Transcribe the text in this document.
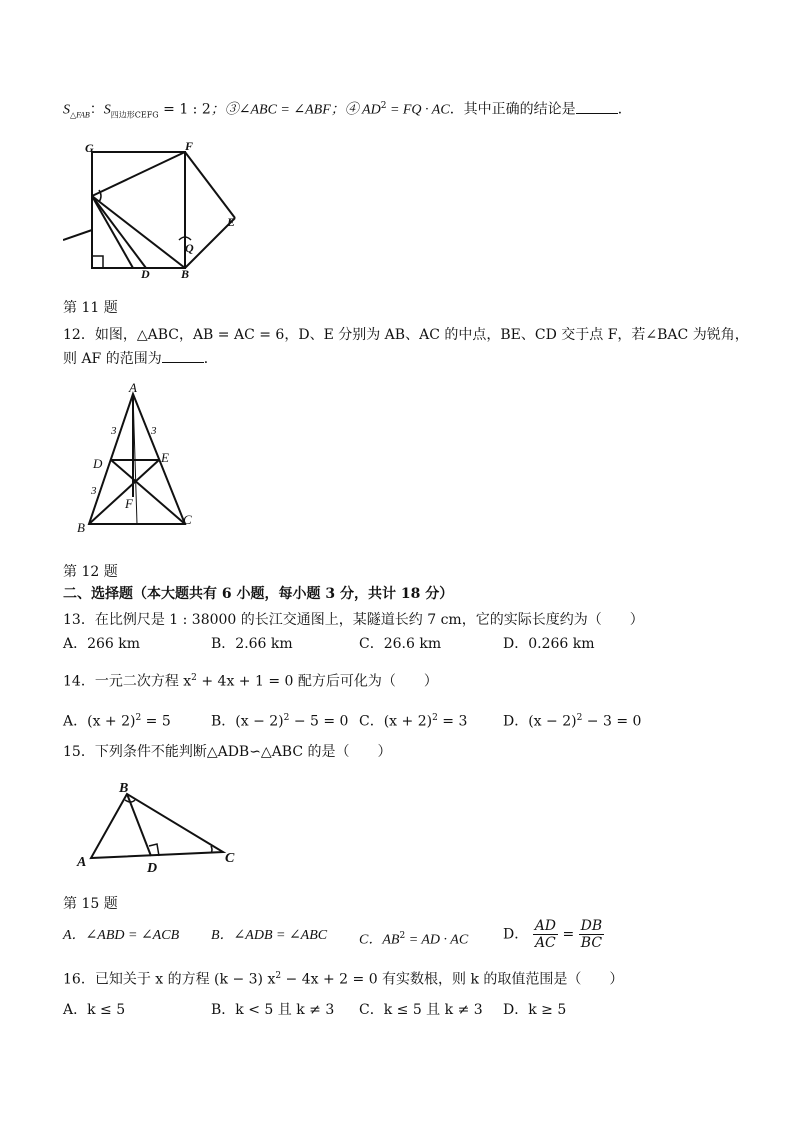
$S_{\triangle FAB}$：$S_{四边形CEFG} = 1$ : 2；③∠ABC = ∠ABF；④ $AD^2$ = FQ · AC．其中正确的结论是	．
G	F
E
Q
B
D
第 11 题
12．如图，△ABC，AB = AC = 6，D、E 分别为 AB、AC 的中点，BE、CD 交于点 F，若∠BAC 为锐角，
则 AF 的范围为	．
A
B
C
D	E
F
3	3
3
第 12 题
二、选择题（本大题共有 6 小题，每小题 3 分，共计 18 分）
13．在比例尺是 1 : 38000 的长江交通图上，某隧道长约 7 cm，它的实际长度约为（　　）
A．266 km	B．2.66 km	C．26.6 km	D．0.266 km
14．一元二次方程 $x^2 + 4x + 1 = 0$ 配方后可化为（　　）
A．$(x + 2)^2 = 5$	B．$(x - 2)^2 - 5 = 0$ C．$(x + 2)^2 = 3$	D．$(x - 2)^2 - 3 = 0$
15．下列条件不能判断△ADB∽△ABC 的是（　　）
B
A	C
D
第 15 题
A．∠ABD = ∠ACB B．∠ADB = ∠ABC C．$AB^2$ = AD · AC D． $\frac{AD}{AC} = \frac{DB}{BC}$
16．已知关于 x 的方程 (k − 3) $x^2 - 4x + 2 = 0$ 有实数根，则 k 的取值范围是（　　）
A．k ≤ 5	B．k < 5 且 k ≠ 3 C．k ≤ 5 且 k ≠ 3 D．k ≥ 5
